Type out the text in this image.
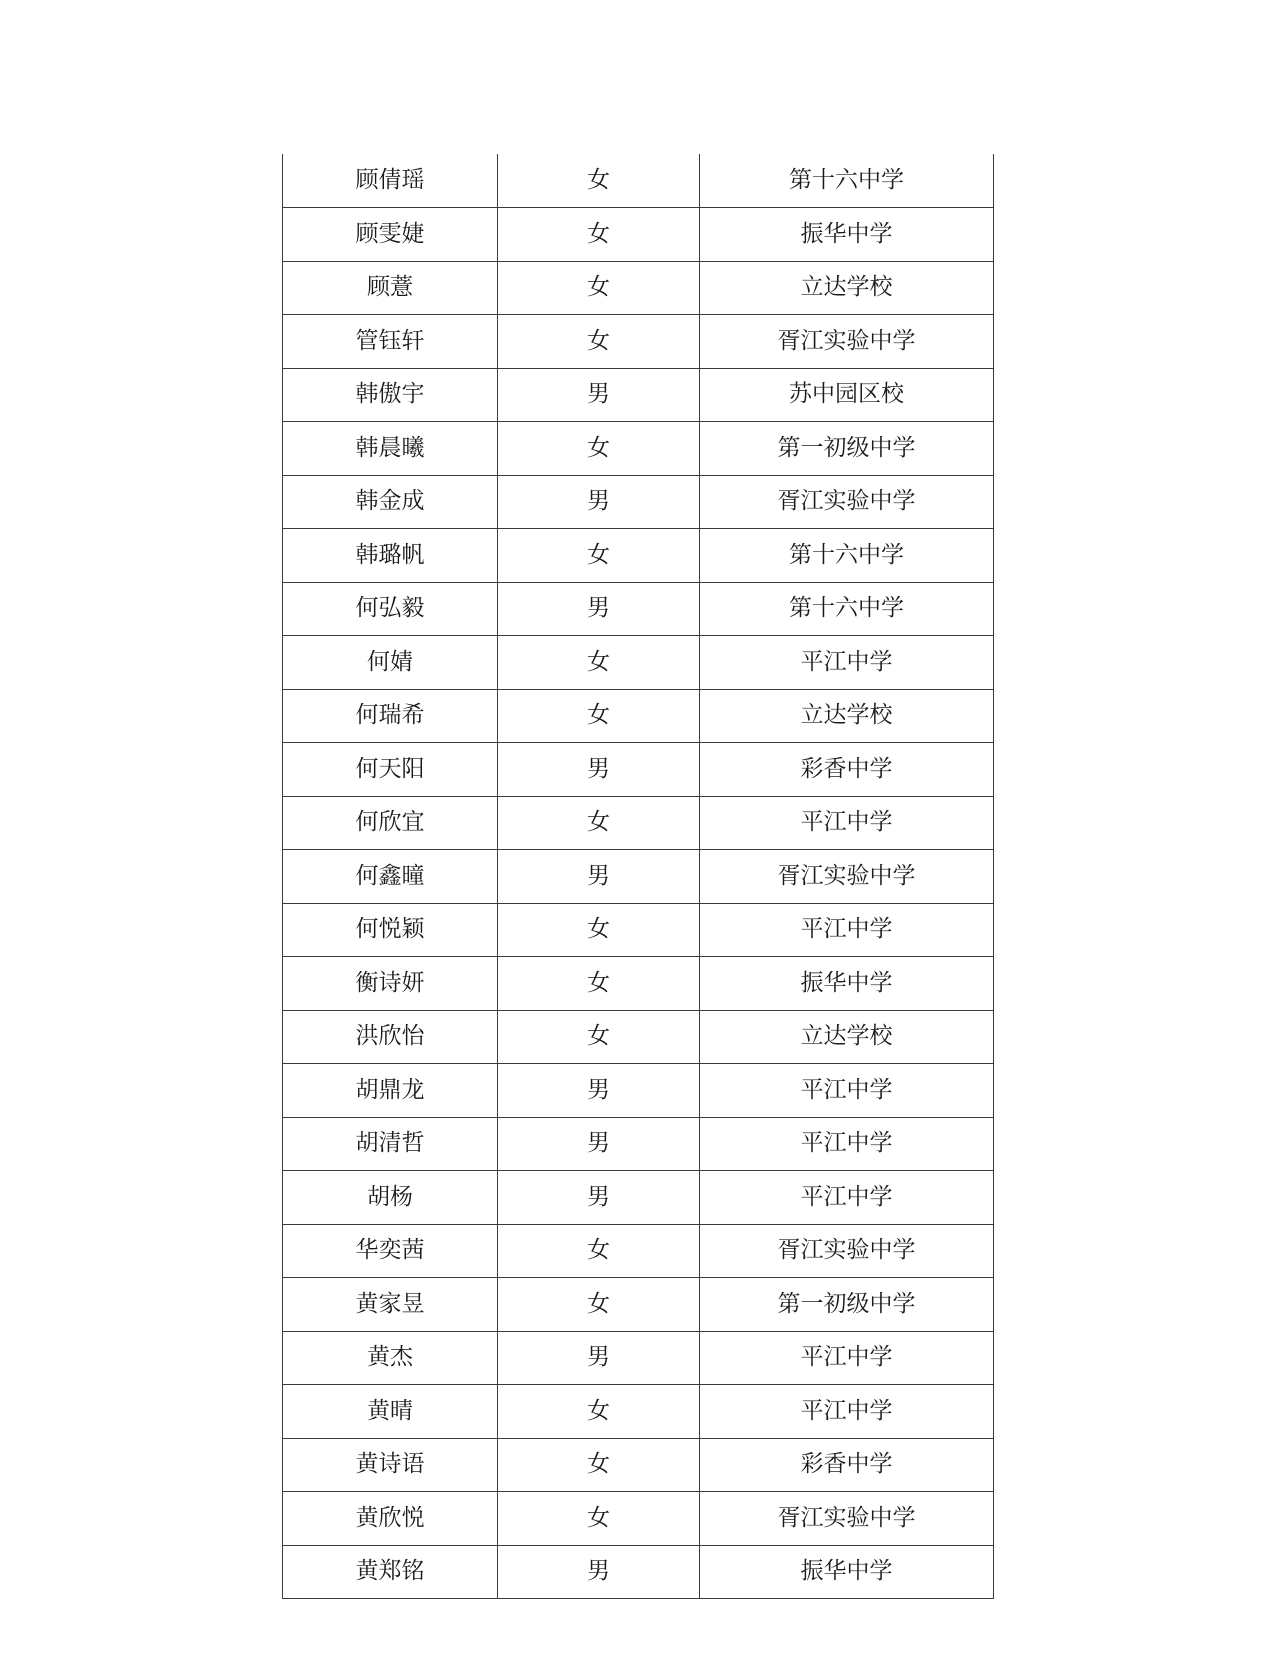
顾倩瑶	女	第十六中学
顾雯婕	女	振华中学
顾薏	女	立达学校
管钰轩	女	胥江实验中学
韩傲宇	男	苏中园区校
韩晨曦	女	第一初级中学
韩金成	男	胥江实验中学
韩璐帆	女	第十六中学
何弘毅	男	第十六中学
何婧	女	平江中学
何瑞希	女	立达学校
何天阳	男	彩香中学
何欣宜	女	平江中学
何鑫曈	男	胥江实验中学
何悦颖	女	平江中学
衡诗妍	女	振华中学
洪欣怡	女	立达学校
胡鼎龙	男	平江中学
胡清哲	男	平江中学
胡杨	男	平江中学
华奕茜	女	胥江实验中学
黄家昱	女	第一初级中学
黄杰	男	平江中学
黄晴	女	平江中学
黄诗语	女	彩香中学
黄欣悦	女	胥江实验中学
黄郑铭	男	振华中学
